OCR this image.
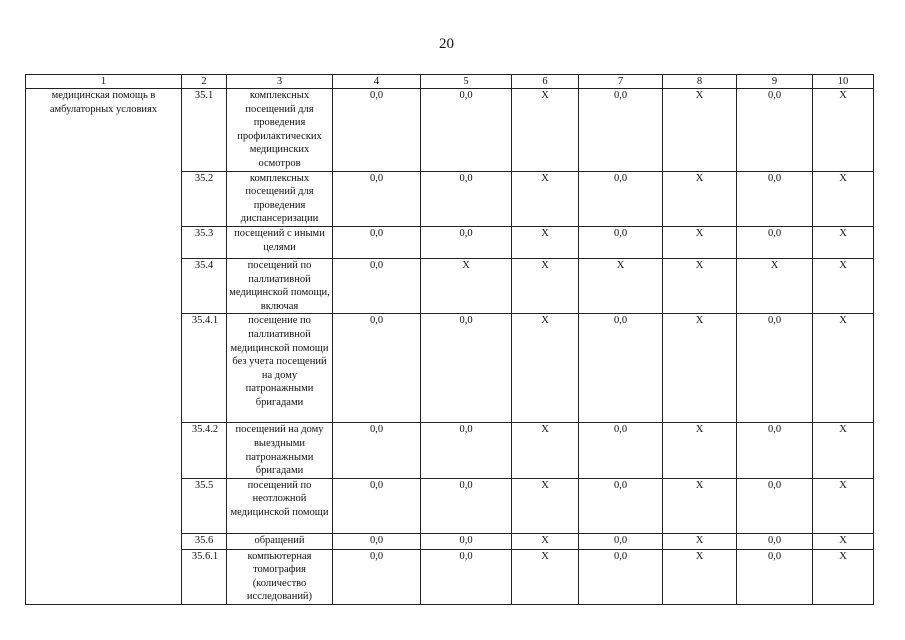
20
1	2	3	4	5	6	7	8	9	10
медицинская помощь в амбулаторных условиях	35.1	комплексных посещений для проведения профилактических медицинских осмотров	0,0	0,0	X	0,0	X	0,0	X
	35.2	комплексных посещений для проведения диспансеризации	0,0	0,0	X	0,0	X	0,0	X
	35.3	посещений с иными целями	0,0	0,0	X	0,0	X	0,0	X
	35.4	посещений по паллиативной медицинской помощи, включая	0,0	X	X	X	X	X	X
	35.4.1	посещение по паллиативной медицинской помощи без учета посещений на дому патронажными бригадами	0,0	0,0	X	0,0	X	0,0	X
	35.4.2	посещений на дому выездными патронажными бригадами	0,0	0,0	X	0,0	X	0,0	X
	35.5	посещений по неотложной медицинской помощи	0,0	0,0	X	0,0	X	0,0	X
	35.6	обращений	0,0	0,0	X	0,0	X	0,0	X
	35.6.1	компьютерная томография (количество исследований)	0,0	0,0	X	0,0	X	0,0	X
